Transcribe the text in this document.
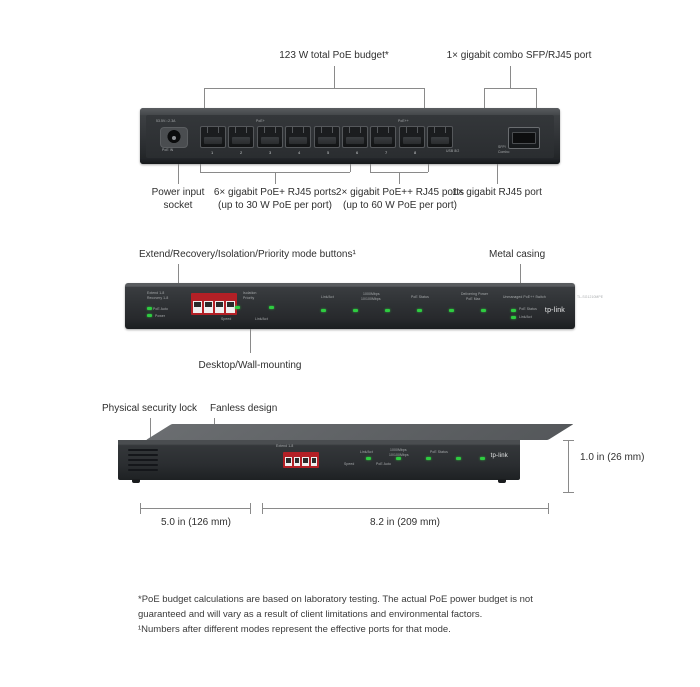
123 W total PoE budget*	1× gigabit combo SFP/RJ45 port
53.5V⎓2.3A
PoE IN
PoE+	PoE++
USB 8/2
SFP/
Combo
1	2	3	4	5	6	7	8
Power input
socket
6× gigabit PoE+ RJ45 ports
(up to 30 W PoE per port)
2× gigabit PoE++ RJ45 ports
(up to 60 W PoE per port)
1× gigabit RJ45 port
Extend/Recovery/Isolation/Priority mode buttons¹	Metal casing
Extend 1-8
Recovery 1-8
Isolation
Priority	Link/Act
1000Mbps
10/100Mbps	PoE Status
Delivering Power
PoE Max	Unmanaged PoE++ Switch	TL-SG1210MPE
PoE Auto
Power
Speed	Link/Act
PoE Status
Link/Act
tp-link
Desktop/Wall-mounting
Physical security lock Fanless design
Extend 1-8
Link/Act	1000Mbps
10/100Mbps
PoE Status
Speed	PoE Auto
tp-link	1.0 in (26 mm)
5.0 in (126 mm)	8.2 in (209 mm)
*PoE budget calculations are based on laboratory testing. The actual PoE power budget is not
guaranteed and will vary as a result of client limitations and environmental factors.
¹Numbers after different modes represent the effective ports for that mode.
